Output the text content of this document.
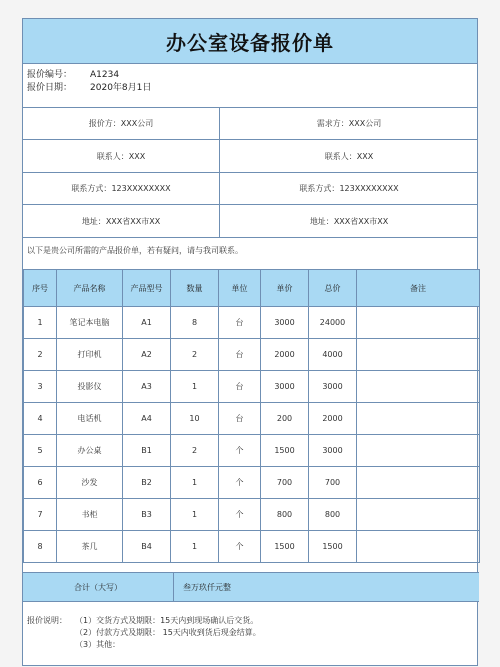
办公室设备报价单
报价编号： A1234
报价日期： 2020年8月1日
报价方： XXX公司	需求方： XXX公司
联系人： XXX	联系人： XXX
联系方式： 123XXXXXXXX	联系方式： 123XXXXXXXX
地址： XXX省XX市XX	地址： XXX省XX市XX
以下是贵公司所需的产品报价单，若有疑问，请与我司联系。
序号	产品名称	产品型号	数量	单位	单价	总价	备注
1	笔记本电脑	A1	8	台	3000	24000	
2	打印机	A2	2	台	2000	4000	
3	投影仪	A3	1	台	3000	3000	
4	电话机	A4	10	台	200	2000	
5	办公桌	B1	2	个	1500	3000	
6	沙发	B2	1	个	700	700	
7	书柜	B3	1	个	800	800	
8	茶几	B4	1	个	1500	1500	
合计（大写）	叁万玖仟元整
报价说明：	（1）交货方式及期限：15天内到现场确认后交货。
（2）付款方式及期限： 15天内收到货后现金结算。
（3）其他：
